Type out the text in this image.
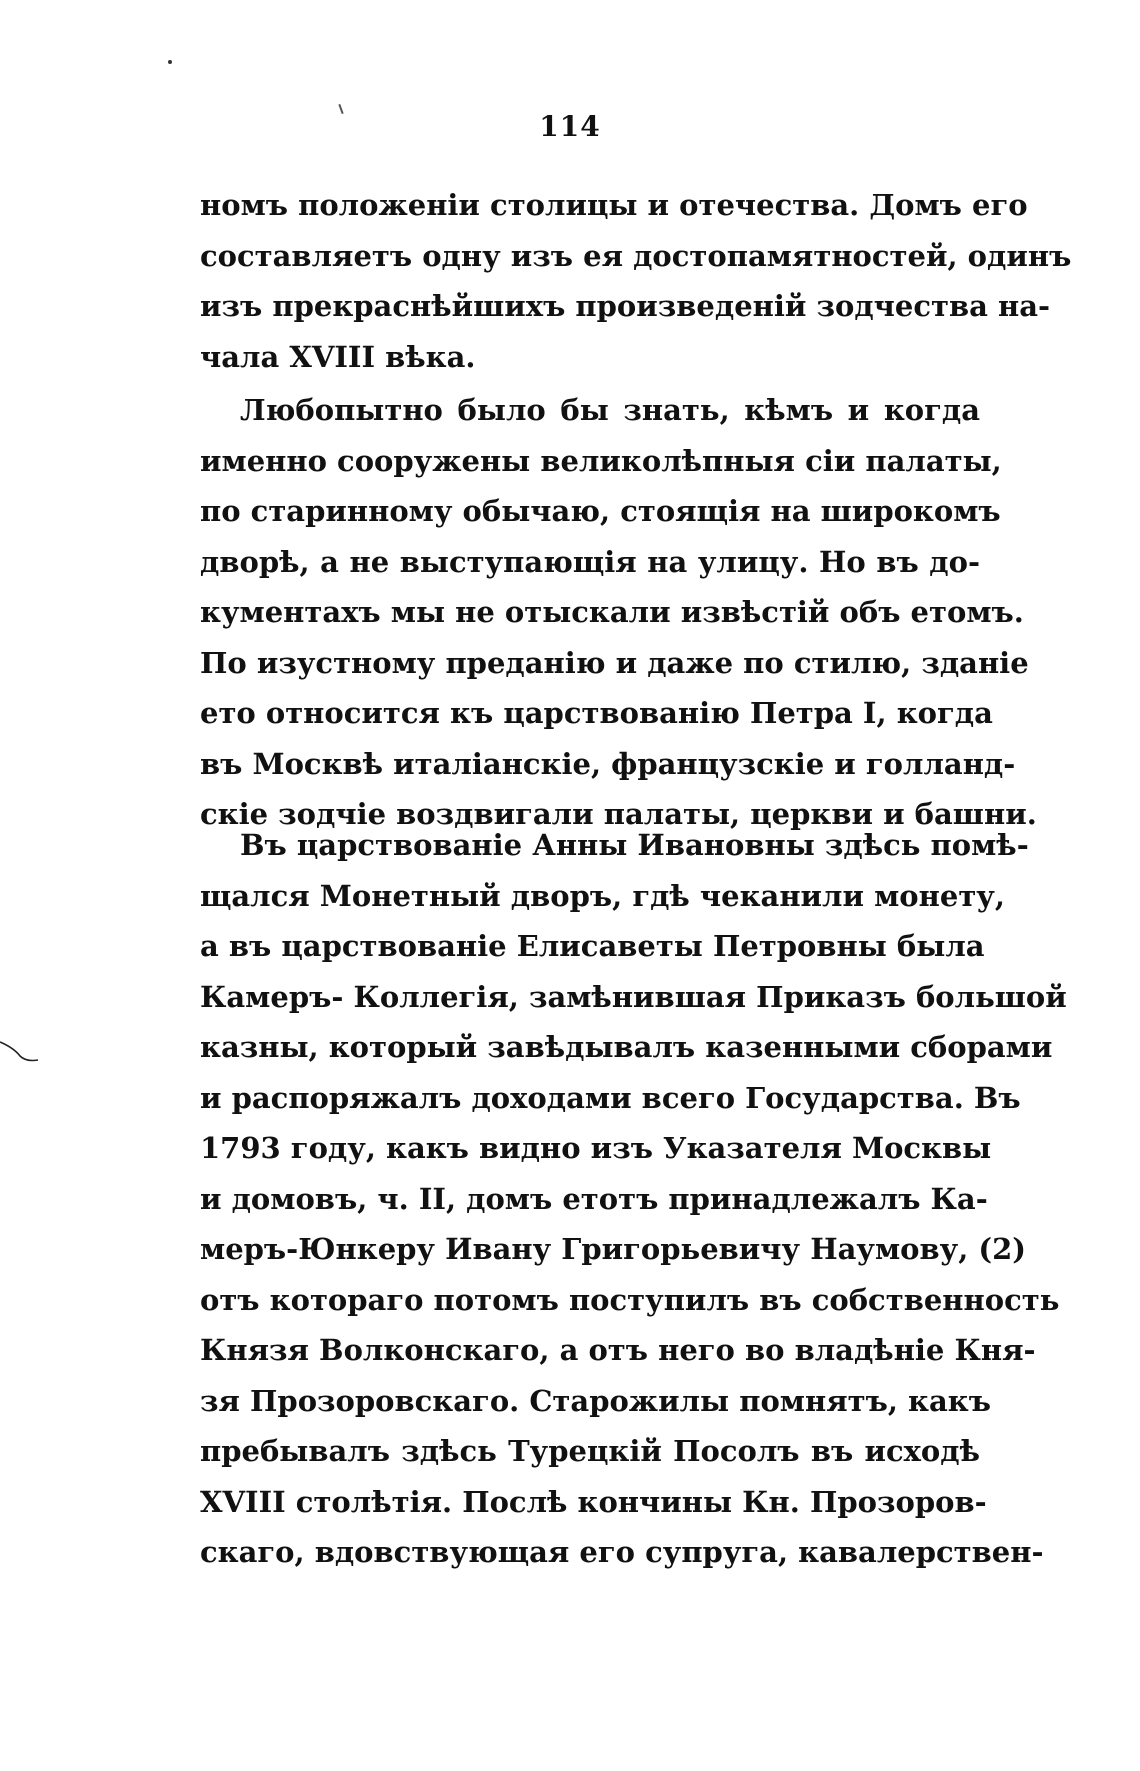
114
номъ положеніи столицы и отечества. Домъ его
составляетъ одну изъ ея достопамятностей, одинъ
изъ прекраснѣйшихъ произведеній зодчества на-
чала XVIII вѣка.
Любопытно было бы знать, кѣмъ и когда
именно сооружены великолѣпныя сіи палаты,
по старинному обычаю, стоящія на широкомъ
дворѣ, а не выступающія на улицу. Но въ до-
кументахъ мы не отыскали извѣстій объ етомъ.
По изустному преданію и даже по стилю, зданіе
ето относится къ царствованію Петра I, когда
въ Москвѣ италіанскіе, французскіе и голланд-
скіе зодчіе воздвигали палаты, церкви и башни.
Въ царствованіе Анны Ивановны здѣсь помѣ-
щался Монетный дворъ, гдѣ чеканили монету,
а въ царствованіе Елисаветы Петровны была
Камеръ- Коллегія, замѣнившая Приказъ большой
казны, который завѣдывалъ казенными сборами
и распоряжалъ доходами всего Государства. Въ
1793 году, какъ видно изъ Указателя Москвы
и домовъ, ч. II, домъ етотъ принадлежалъ Ка-
меръ-Юнкеру Ивану Григорьевичу Наумову, (2)
отъ котораго потомъ поступилъ въ собственность
Князя Волконскаго, а отъ него во владѣніе Кня-
зя Прозоровскаго. Старожилы помнятъ, какъ
пребывалъ здѣсь Турецкій Посолъ въ исходѣ
XVIII столѣтія. Послѣ кончины Кн. Прозоров-
скаго, вдовствующая его супруга, кавалерствен-
